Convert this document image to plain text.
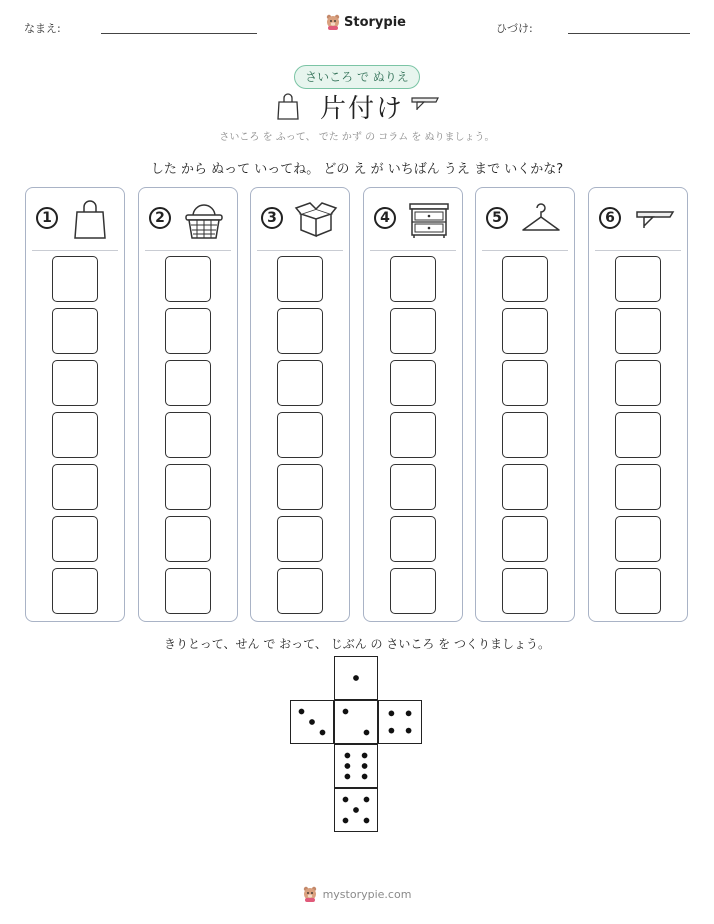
なまえ:	Storypie	ひづけ:
さいころ で ぬりえ
片付け
さいころ を ふって、 でた かず の コラム を ぬりましょう。
した から ぬって いってね。 どの え が いちばん うえ まで いくかな?
1	2	3	4	5	6
きりとって、せん で おって、 じぶん の さいころ を つくりましょう。
mystorypie.com
